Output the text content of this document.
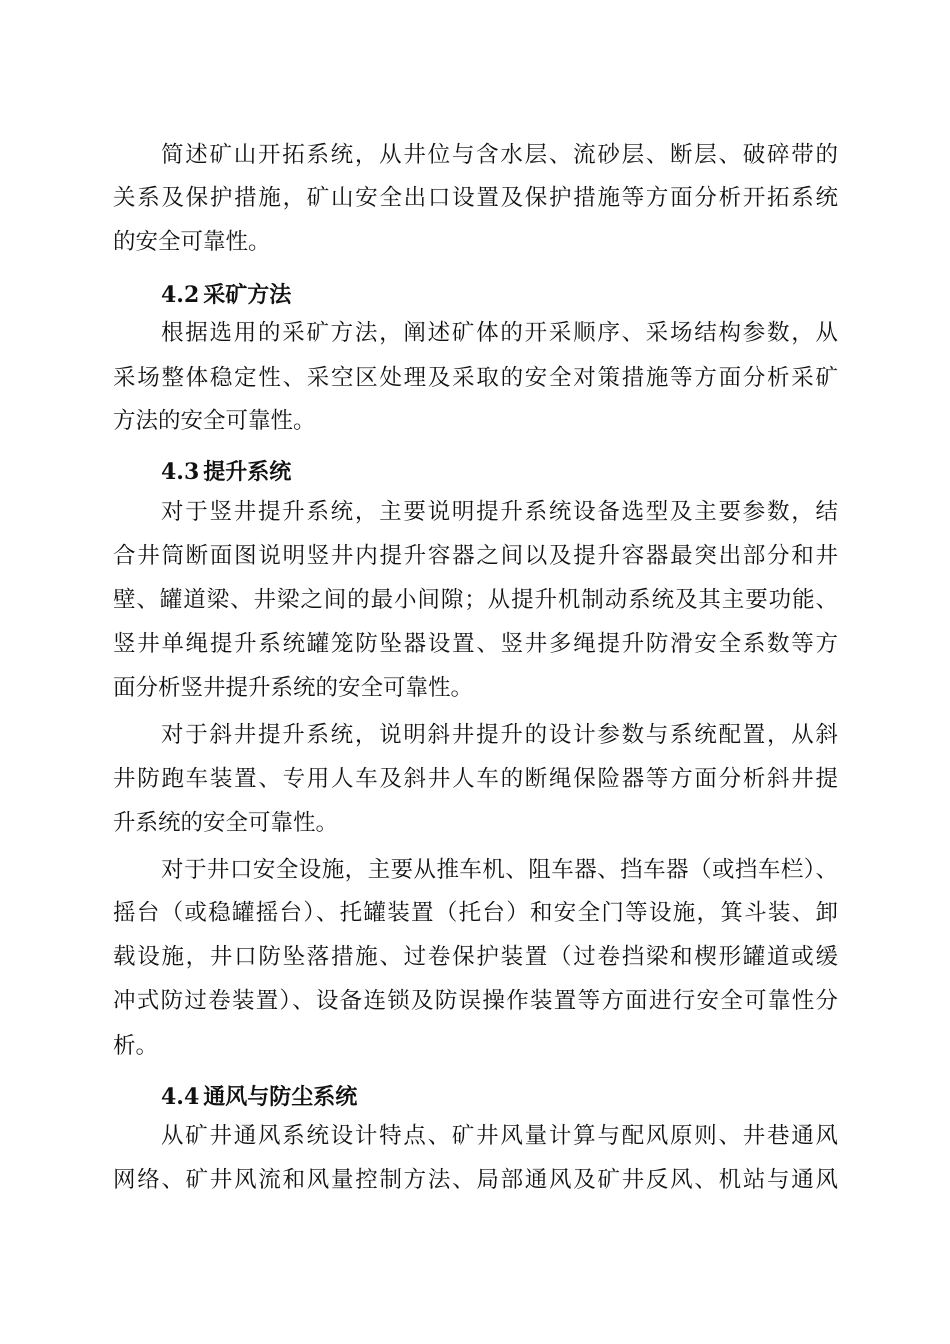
简述矿山开拓系统，从井位与含水层、流砂层、断层、破碎带的
关系及保护措施，矿山安全出口设置及保护措施等方面分析开拓系统
的安全可靠性。
4.2 采矿方法
根据选用的采矿方法，阐述矿体的开采顺序、采场结构参数，从
采场整体稳定性、采空区处理及采取的安全对策措施等方面分析采矿
方法的安全可靠性。
4.3 提升系统
对于竖井提升系统，主要说明提升系统设备选型及主要参数，结
合井筒断面图说明竖井内提升容器之间以及提升容器最突出部分和井
壁、罐道梁、井梁之间的最小间隙；从提升机制动系统及其主要功能、
竖井单绳提升系统罐笼防坠器设置、竖井多绳提升防滑安全系数等方
面分析竖井提升系统的安全可靠性。
对于斜井提升系统，说明斜井提升的设计参数与系统配置，从斜
井防跑车装置、专用人车及斜井人车的断绳保险器等方面分析斜井提
升系统的安全可靠性。
对于井口安全设施，主要从推车机、阻车器、挡车器（或挡车栏）、
摇台（或稳罐摇台）、托罐装置（托台）和安全门等设施，箕斗装、卸
载设施，井口防坠落措施、过卷保护装置（过卷挡梁和楔形罐道或缓
冲式防过卷装置）、设备连锁及防误操作装置等方面进行安全可靠性分
析。
4.4 通风与防尘系统
从矿井通风系统设计特点、矿井风量计算与配风原则、井巷通风
网络、矿井风流和风量控制方法、局部通风及矿井反风、机站与通风
